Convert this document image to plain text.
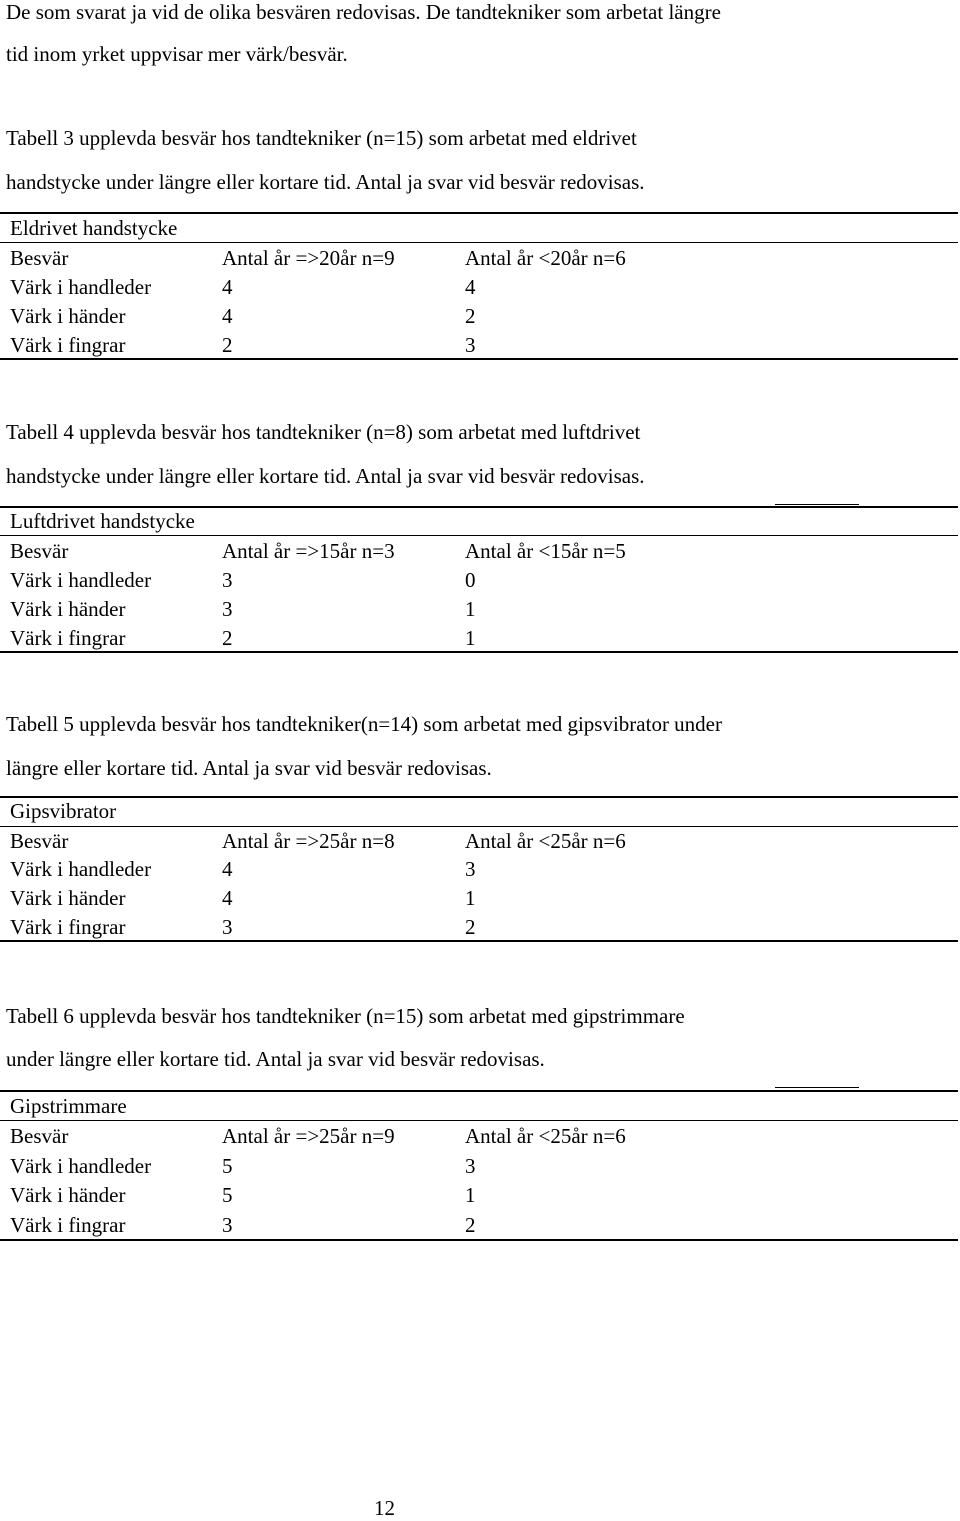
De som svarat ja vid de olika besvären redovisas. De tandtekniker som arbetat längre
tid inom yrket uppvisar mer värk/besvär.
Tabell 3 upplevda besvär hos tandtekniker (n=15) som arbetat med eldrivet
handstycke under längre eller kortare tid. Antal ja svar vid besvär redovisas.
Eldrivet handstycke
Besvär	Antal år =>20år n=9	Antal år <20år n=6
Värk i handleder	4	4
Värk i händer	4	2
Värk i fingrar	2	3
Tabell 4 upplevda besvär hos tandtekniker (n=8) som arbetat med luftdrivet
handstycke under längre eller kortare tid. Antal ja svar vid besvär redovisas.
Luftdrivet handstycke
Besvär	Antal år =>15år n=3	Antal år <15år n=5
Värk i handleder	3	0
Värk i händer	3	1
Värk i fingrar	2	1
Tabell 5 upplevda besvär hos tandtekniker(n=14) som arbetat med gipsvibrator under
längre eller kortare tid. Antal ja svar vid besvär redovisas.
Gipsvibrator
Besvär	Antal år =>25år n=8	Antal år <25år n=6
Värk i handleder	4	3
Värk i händer	4	1
Värk i fingrar	3	2
Tabell 6 upplevda besvär hos tandtekniker (n=15) som arbetat med gipstrimmare
under längre eller kortare tid. Antal ja svar vid besvär redovisas.
Gipstrimmare
Besvär	Antal år =>25år n=9	Antal år <25år n=6
Värk i handleder	5	3
Värk i händer	5	1
Värk i fingrar	3	2
12
